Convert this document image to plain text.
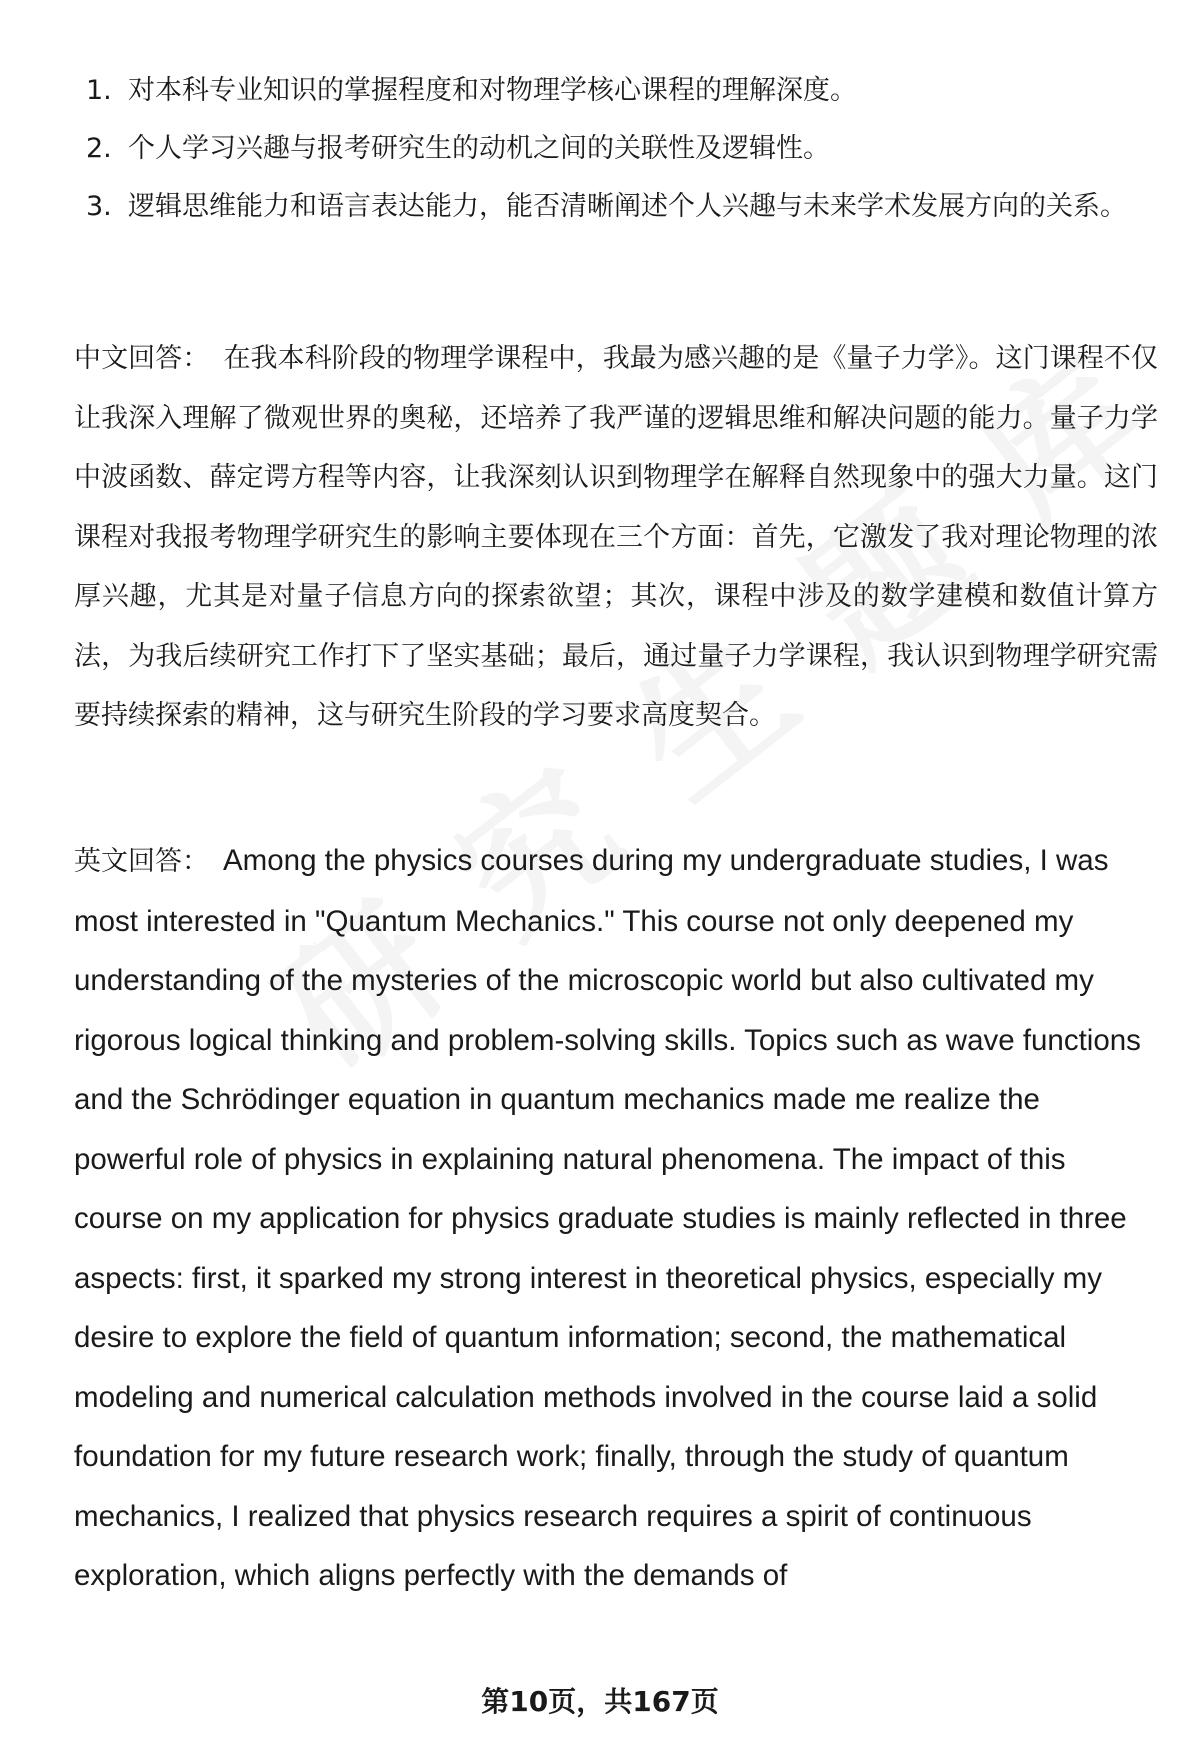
1. 对本科专业知识的掌握程度和对物理学核心课程的理解深度。
2. 个人学习兴趣与报考研究生的动机之间的关联性及逻辑性。
3. 逻辑思维能力和语言表达能力，能否清晰阐述个人兴趣与未来学术发展方向的关系。

中文回答： 在我本科阶段的物理学课程中，我最为感兴趣的是《量子力学》。这门课程不仅让我深入理解了微观世界的奥秘，还培养了我严谨的逻辑思维和解决问题的能力。量子力学中波函数、薛定谔方程等内容，让我深刻认识到物理学在解释自然现象中的强大力量。这门课程对我报考物理学研究生的影响主要体现在三个方面：首先，它激发了我对理论物理的浓厚兴趣，尤其是对量子信息方向的探索欲望；其次，课程中涉及的数学建模和数值计算方法，为我后续研究工作打下了坚实基础；最后，通过量子力学课程，我认识到物理学研究需要持续探索的精神，这与研究生阶段的学习要求高度契合。

英文回答： Among the physics courses during my undergraduate studies, I was most interested in "Quantum Mechanics." This course not only deepened my understanding of the mysteries of the microscopic world but also cultivated my rigorous logical thinking and problem-solving skills. Topics such as wave functions and the Schrödinger equation in quantum mechanics made me realize the powerful role of physics in explaining natural phenomena. The impact of this course on my application for physics graduate studies is mainly reflected in three aspects: first, it sparked my strong interest in theoretical physics, especially my desire to explore the field of quantum information; second, the mathematical modeling and numerical calculation methods involved in the course laid a solid foundation for my future research work; finally, through the study of quantum mechanics, I realized that physics research requires a spirit of continuous exploration, which aligns perfectly with the demands of

第10页，共167页
